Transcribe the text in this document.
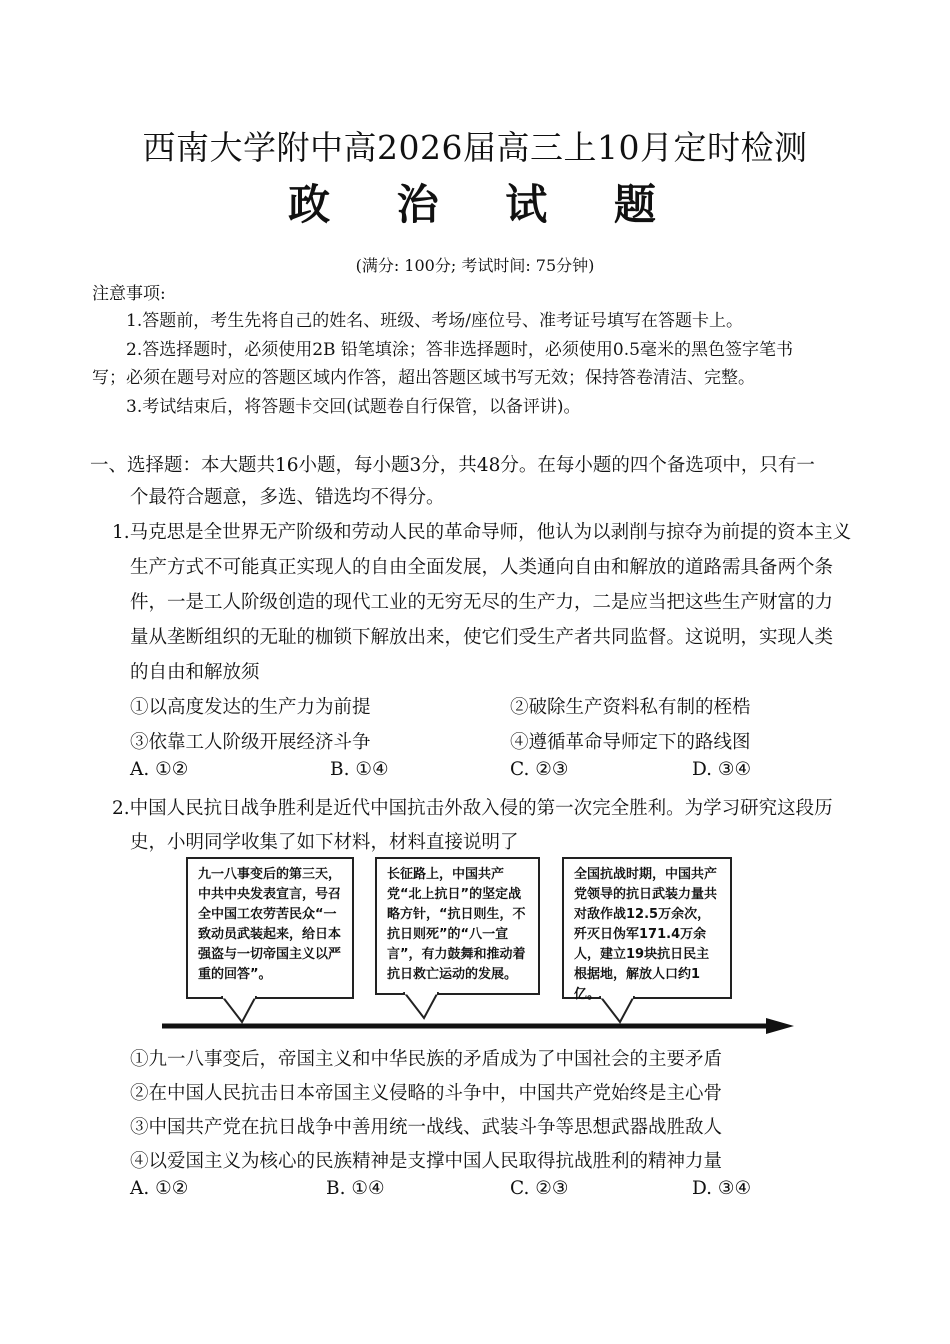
西南大学附中高2026届高三上10月定时检测
政 治 试 题
(满分: 100分; 考试时间: 75分钟)
注意事项:
1.答题前，考生先将自己的姓名、班级、考场/座位号、准考证号填写在答题卡上。
2.答选择题时，必须使用2B 铅笔填涂；答非选择题时，必须使用0.5毫米的黑色签字笔书
写；必须在题号对应的答题区域内作答，超出答题区域书写无效；保持答卷清洁、完整。
3.考试结束后，将答题卡交回(试题卷自行保管，以备评讲)。
一、选择题：本大题共16小题，每小题3分，共48分。在每小题的四个备选项中，只有一
个最符合题意，多选、错选均不得分。
1.马克思是全世界无产阶级和劳动人民的革命导师，他认为以剥削与掠夺为前提的资本主义
生产方式不可能真正实现人的自由全面发展，人类通向自由和解放的道路需具备两个条
件，一是工人阶级创造的现代工业的无穷无尽的生产力，二是应当把这些生产财富的力
量从垄断组织的无耻的枷锁下解放出来，使它们受生产者共同监督。这说明，实现人类
的自由和解放须
①以高度发达的生产力为前提	②破除生产资料私有制的桎梏
③依靠工人阶级开展经济斗争	④遵循革命导师定下的路线图
A. ①②	B. ①④	C. ②③	D. ③④
2.中国人民抗日战争胜利是近代中国抗击外敌入侵的第一次完全胜利。为学习研究这段历
史，小明同学收集了如下材料，材料直接说明了
九一八事变后的第三天，中共中央发表宣言，号召全中国工农劳苦民众“一致动员武装起来，给日本强盗与一切帝国主义以严重的回答”。
长征路上，中国共产党“北上抗日”的坚定战略方针，“抗日则生，不抗日则死”的“八一宣言”，有力鼓舞和推动着抗日救亡运动的发展。
全国抗战时期，中国共产党领导的抗日武装力量共对敌作战12.5万余次，歼灭日伪军171.4万余人，建立19块抗日民主根据地，解放人口约1亿。
①九一八事变后，帝国主义和中华民族的矛盾成为了中国社会的主要矛盾
②在中国人民抗击日本帝国主义侵略的斗争中，中国共产党始终是主心骨
③中国共产党在抗日战争中善用统一战线、武装斗争等思想武器战胜敌人
④以爱国主义为核心的民族精神是支撑中国人民取得抗战胜利的精神力量
A. ①②	B. ①④	C. ②③	D. ③④
